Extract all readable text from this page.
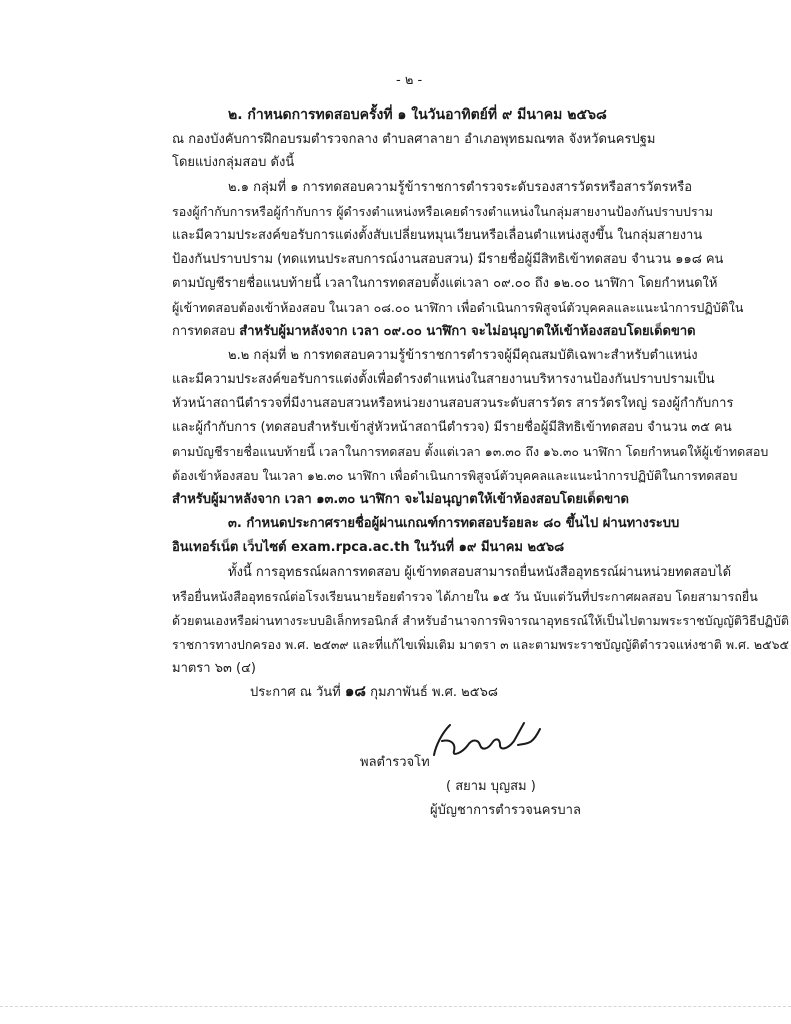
- ๒ -
๒. กำหนดการทดสอบครั้งที่ ๑ ในวันอาทิตย์ที่ ๙ มีนาคม ๒๕๖๘
ณ กองบังคับการฝึกอบรมตำรวจกลาง ตำบลศาลายา อำเภอพุทธมณฑล จังหวัดนครปฐม
โดยแบ่งกลุ่มสอบ ดังนี้
๒.๑ กลุ่มที่ ๑ การทดสอบความรู้ข้าราชการตำรวจระดับรองสารวัตรหรือสารวัตรหรือ
รองผู้กำกับการหรือผู้กำกับการ ผู้ดำรงตำแหน่งหรือเคยดำรงตำแหน่งในกลุ่มสายงานป้องกันปราบปราม
และมีความประสงค์ขอรับการแต่งตั้งสับเปลี่ยนหมุนเวียนหรือเลื่อนตำแหน่งสูงขึ้น ในกลุ่มสายงาน
ป้องกันปราบปราม (ทดแทนประสบการณ์งานสอบสวน) มีรายชื่อผู้มีสิทธิเข้าทดสอบ จำนวน ๑๑๘ คน
ตามบัญชีรายชื่อแนบท้ายนี้ เวลาในการทดสอบตั้งแต่เวลา ๐๙.๐๐ ถึง ๑๒.๐๐ นาฬิกา โดยกำหนดให้
ผู้เข้าทดสอบต้องเข้าห้องสอบ ในเวลา ๐๘.๐๐ นาฬิกา เพื่อดำเนินการพิสูจน์ตัวบุคคลและแนะนำการปฏิบัติใน
การทดสอบ สำหรับผู้มาหลังจาก เวลา ๐๙.๐๐ นาฬิกา จะไม่อนุญาตให้เข้าห้องสอบโดยเด็ดขาด
๒.๒ กลุ่มที่ ๒ การทดสอบความรู้ข้าราชการตำรวจผู้มีคุณสมบัติเฉพาะสำหรับตำแหน่ง
และมีความประสงค์ขอรับการแต่งตั้งเพื่อดำรงตำแหน่งในสายงานบริหารงานป้องกันปราบปรามเป็น
หัวหน้าสถานีตำรวจที่มีงานสอบสวนหรือหน่วยงานสอบสวนระดับสารวัตร สารวัตรใหญ่ รองผู้กำกับการ
และผู้กำกับการ (ทดสอบสำหรับเข้าสู่หัวหน้าสถานีตำรวจ) มีรายชื่อผู้มีสิทธิเข้าทดสอบ จำนวน ๓๕ คน
ตามบัญชีรายชื่อแนบท้ายนี้ เวลาในการทดสอบ ตั้งแต่เวลา ๑๓.๓๐ ถึง ๑๖.๓๐ นาฬิกา โดยกำหนดให้ผู้เข้าทดสอบ
ต้องเข้าห้องสอบ ในเวลา ๑๒.๓๐ นาฬิกา เพื่อดำเนินการพิสูจน์ตัวบุคคลและแนะนำการปฏิบัติในการทดสอบ
สำหรับผู้มาหลังจาก เวลา ๑๓.๓๐ นาฬิกา จะไม่อนุญาตให้เข้าห้องสอบโดยเด็ดขาด
๓. กำหนดประกาศรายชื่อผู้ผ่านเกณฑ์การทดสอบร้อยละ ๘๐ ขึ้นไป ผ่านทางระบบ
อินเทอร์เน็ต เว็บไซต์ exam.rpca.ac.th ในวันที่ ๑๙ มีนาคม ๒๕๖๘
ทั้งนี้ การอุทธรณ์ผลการทดสอบ ผู้เข้าทดสอบสามารถยื่นหนังสืออุทธรณ์ผ่านหน่วยทดสอบได้
หรือยื่นหนังสืออุทธรณ์ต่อโรงเรียนนายร้อยตำรวจ ได้ภายใน ๑๕ วัน นับแต่วันที่ประกาศผลสอบ โดยสามารถยื่น
ด้วยตนเองหรือผ่านทางระบบอิเล็กทรอนิกส์ สำหรับอำนาจการพิจารณาอุทธรณ์ให้เป็นไปตามพระราชบัญญัติวิธีปฏิบัติ
ราชการทางปกครอง พ.ศ. ๒๕๓๙ และที่แก้ไขเพิ่มเติม มาตรา ๓ และตามพระราชบัญญัติตำรวจแห่งชาติ พ.ศ. ๒๕๖๕
มาตรา ๖๓ (๔)
ประกาศ ณ วันที่ ๑๘ กุมภาพันธ์ พ.ศ. ๒๕๖๘
พลตำรวจโท
( สยาม บุญสม )
ผู้บัญชาการตำรวจนครบาล
